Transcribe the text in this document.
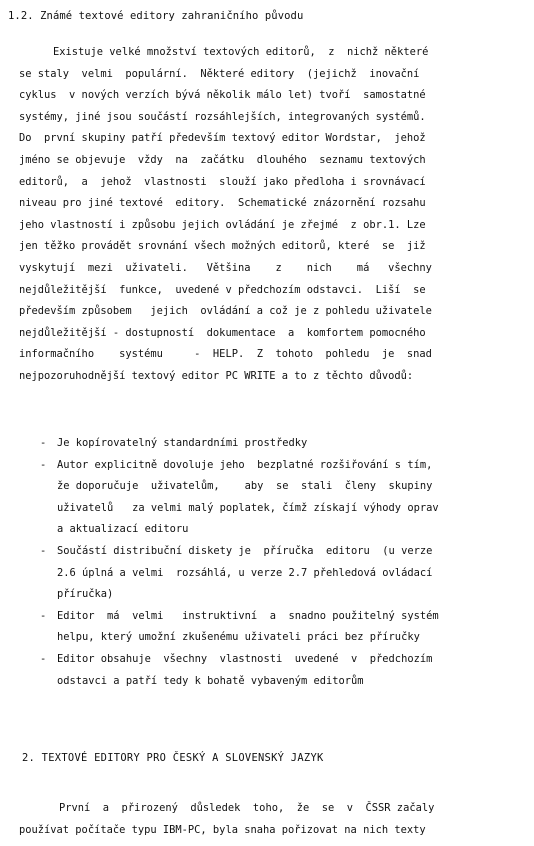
1.2. Známé textové editory zahraničního původu
Existuje velké množství textových editorů,  z  nichž některé
se staly  velmi  populární.  Některé editory  (jejichž  inovační
cyklus  v nových verzích bývá několik málo let) tvoří  samostatné
systémy, jiné jsou součástí rozsáhlejších, integrovaných systémů.
Do  první skupiny patří především textový editor Wordstar,  jehož
jméno se objevuje  vždy  na  začátku  dlouhého  seznamu textových
editorů,  a  jehož  vlastnosti  slouží jako předloha i srovnávací
niveau pro jiné textové  editory.  Schematické znázornění rozsahu
jeho vlastností i způsobu jejich ovládání je zřejmé  z obr.1. Lze
jen těžko provádět srovnání všech možných editorů, které  se  již
vyskytují  mezi  uživateli.   Většina    z    nich    má   všechny
nejdůležitější  funkce,  uvedené v předchozím odstavci.  Liší  se
především způsobem   jejich  ovládání a což je z pohledu uživatele
nejdůležitější - dostupností  dokumentace  a  komfortem pomocného
informačního    systému     -  HELP.  Z  tohoto  pohledu  je  snad
nejpozoruhodnější textový editor PC WRITE a to z těchto důvodů:
- Je kopírovatelný standardními prostředky
- Autor explicitně dovoluje jeho  bezplatné rozšiřování s tím,
že doporučuje  uživatelům,    aby  se  stali  členy  skupiny
uživatelů   za velmi malý poplatek, čímž získají výhody oprav
a aktualizací editoru
- Součástí distribuční diskety je  příručka  editoru  (u verze
2.6 úplná a velmi  rozsáhlá, u verze 2.7 přehledová ovládací
příručka)
- Editor  má  velmi   instruktivní  a  snadno použitelný systém
helpu, který umožní zkušenému uživateli práci bez příručky
- Editor obsahuje  všechny  vlastnosti  uvedené  v  předchozím
odstavci a patří tedy k bohatě vybaveným editorům
2. TEXTOVÉ EDITORY PRO ČESKÝ A SLOVENSKÝ JAZYK
První  a  přirozený  důsledek  toho,  že  se  v  ČSSR začaly
používat počítače typu IBM-PC, byla snaha pořizovat na nich texty
